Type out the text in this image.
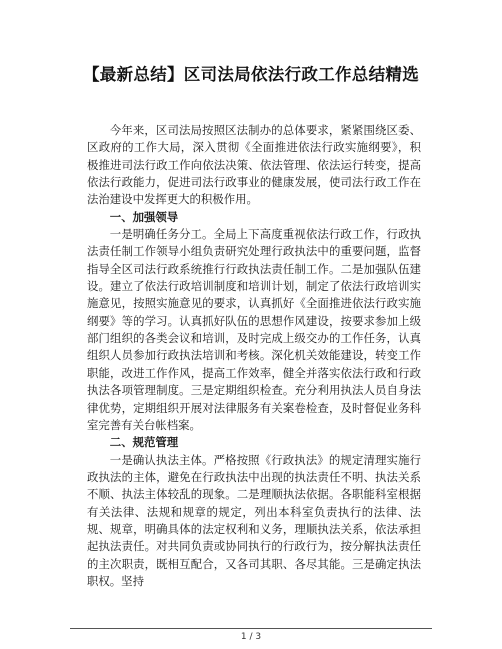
【最新总结】区司法局依法行政工作总结精选

今年来，区司法局按照区法制办的总体要求，紧紧围绕区委、区政府的工作大局，深入贯彻《全面推进依法行政实施纲要》，积极推进司法行政工作向依法决策、依法管理、依法运行转变，提高依法行政能力，促进司法行政事业的健康发展，使司法行政工作在法治建设中发挥更大的积极作用。

一、加强领导

一是明确任务分工。全局上下高度重视依法行政工作，行政执法责任制工作领导小组负责研究处理行政执法中的重要问题，监督指导全区司法行政系统推行行政执法责任制工作。二是加强队伍建设。建立了依法行政培训制度和培训计划，制定了依法行政培训实施意见，按照实施意见的要求，认真抓好《全面推进依法行政实施纲要》等的学习。认真抓好队伍的思想作风建设，按要求参加上级部门组织的各类会议和培训，及时完成上级交办的工作任务，认真组织人员参加行政执法培训和考核。深化机关效能建设，转变工作职能，改进工作作风，提高工作效率，健全并落实依法行政和行政执法各项管理制度。三是定期组织检查。充分利用执法人员自身法律优势，定期组织开展对法律服务有关案卷检查，及时督促业务科室完善有关台帐档案。

二、规范管理

一是确认执法主体。严格按照《行政执法》的规定清理实施行政执法的主体，避免在行政执法中出现的执法责任不明、执法关系不顺、执法主体较乱的现象。二是理顺执法依据。各职能科室根据有关法律、法规和规章的规定，列出本科室负责执行的法律、法规、规章，明确具体的法定权利和义务，理顺执法关系，依法承担起执法责任。对共同负责或协同执行的行政行为，按分解执法责任的主次职责，既相互配合，又各司其职、各尽其能。三是确定执法职权。坚持

1 / 3
